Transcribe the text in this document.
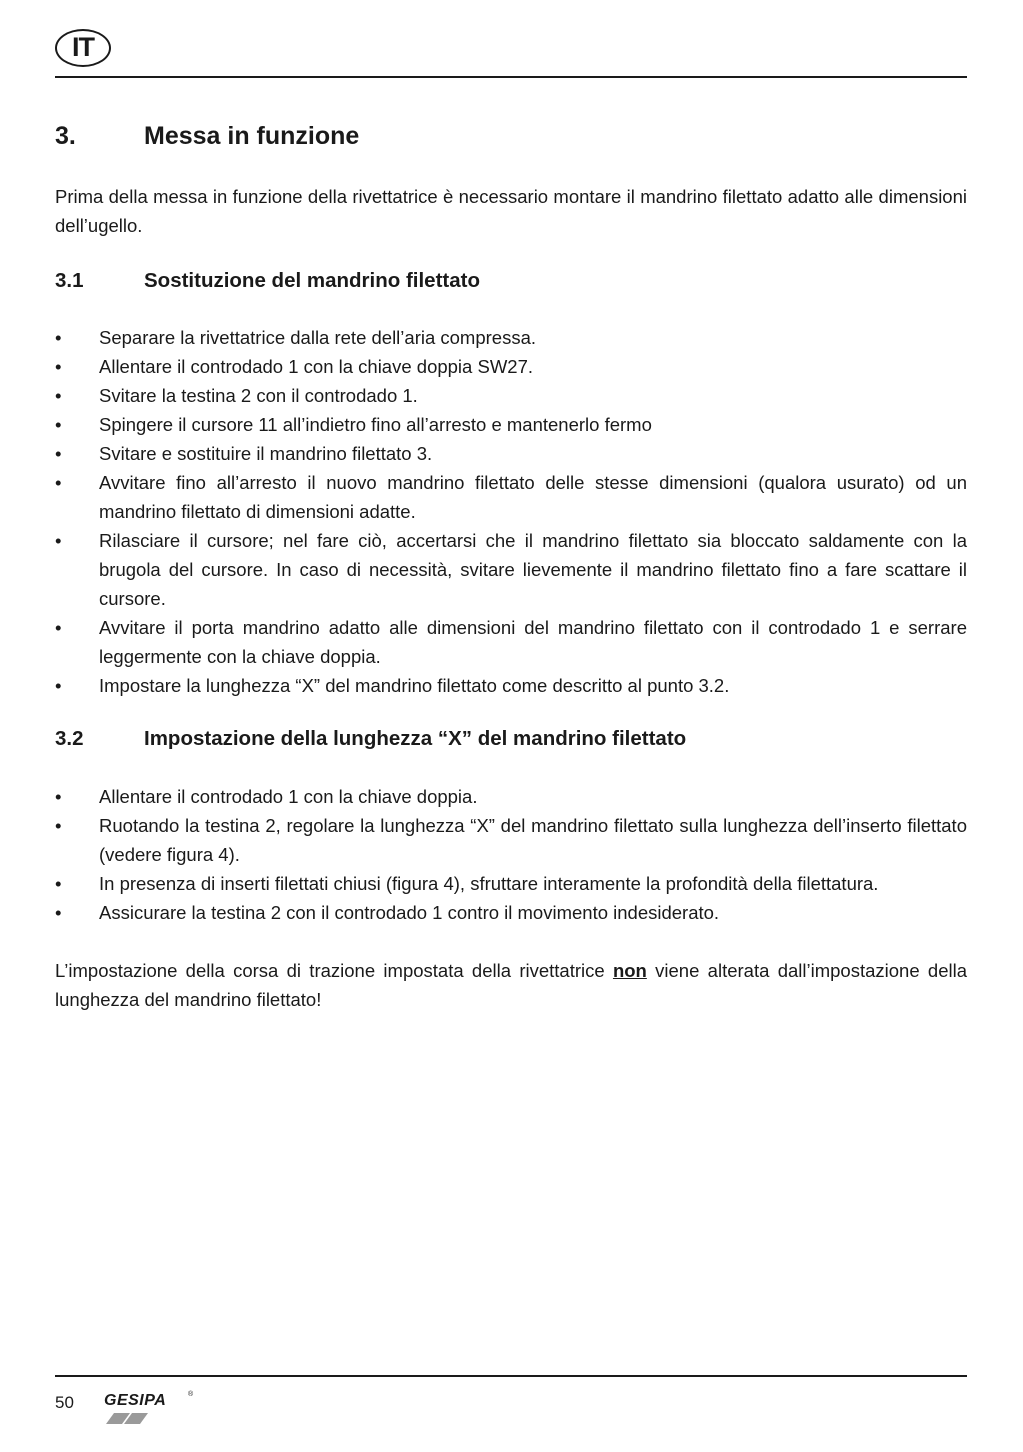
IT
3.	Messa in funzione

Prima della messa in funzione della rivettatrice è necessario montare il mandrino filettato adatto alle dimensioni dell’ugello.

3.1	Sostituzione del mandrino filettato
• Separare la rivettatrice dalla rete dell’aria compressa.
• Allentare il controdado 1 con la chiave doppia SW27.
• Svitare la testina 2 con il controdado 1.
• Spingere il cursore 11 all’indietro fino all’arresto e mantenerlo fermo
• Svitare e sostituire il mandrino filettato 3.
• Avvitare fino all’arresto il nuovo mandrino filettato delle stesse dimensioni (qualora usurato) od un mandrino filettato di dimensioni adatte.
• Rilasciare il cursore; nel fare ciò, accertarsi che il mandrino filettato sia bloccato saldamente con la brugola del cursore. In caso di necessità, svitare lievemente il mandrino filettato fino a fare scattare il cursore.
• Avvitare il porta mandrino adatto alle dimensioni del mandrino filettato con il controdado 1 e serrare leggermente con la chiave doppia.
• Impostare la lunghezza “X” del mandrino filettato come descritto al punto 3.2.
3.2	Impostazione della lunghezza “X” del mandrino filettato
• Allentare il controdado 1 con la chiave doppia.
• Ruotando la testina 2, regolare la lunghezza “X” del mandrino filettato sulla lunghezza dell’inserto filettato (vedere figura 4).
• In presenza di inserti filettati chiusi (figura 4), sfruttare interamente la profondità della filettatura.
• Assicurare la testina 2 con il controdado 1 contro il movimento indesiderato.

L’impostazione della corsa di trazione impostata della rivettatrice non viene alterata dall’impostazione della lunghezza del mandrino filettato!

50 GESIPA	®
